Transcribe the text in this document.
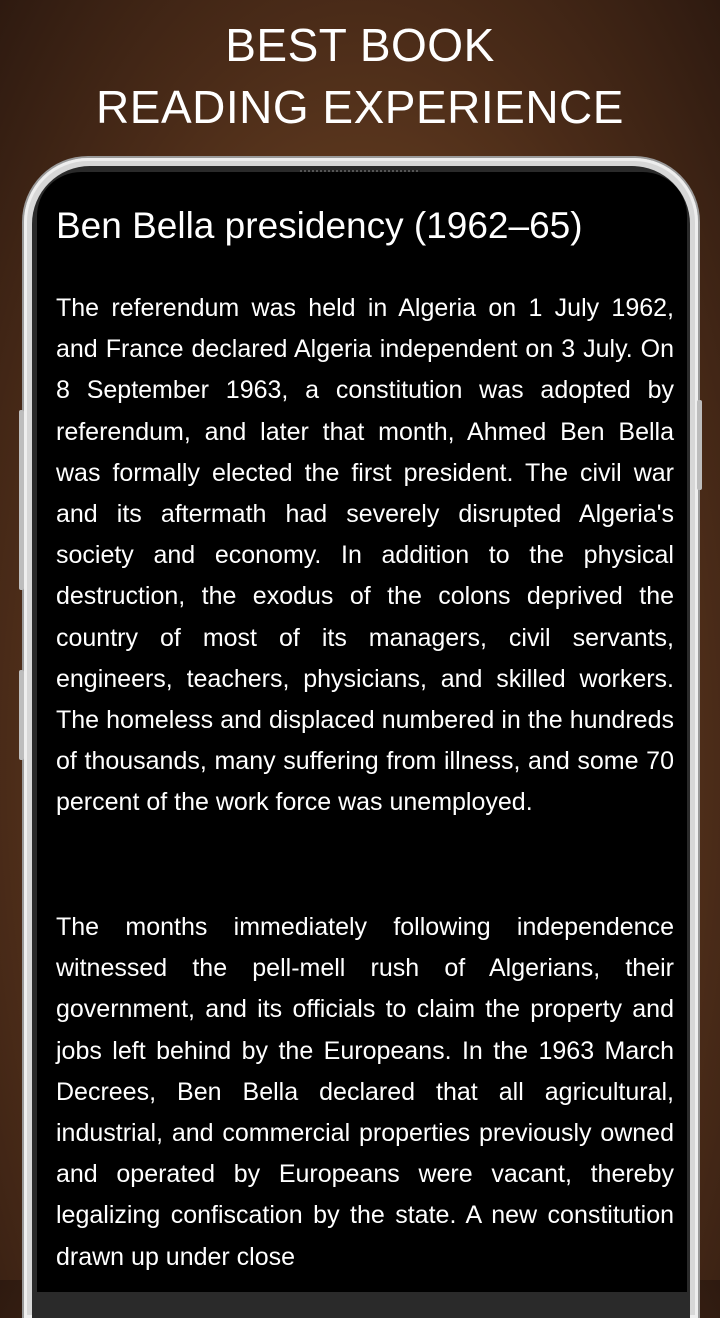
BEST BOOK
READING EXPERIENCE
Ben Bella presidency (1962–65)

The referendum was held in Algeria on 1 July 1962, and France declared Algeria independent on 3 July. On 8 September 1963, a constitution was adopted by referendum, and later that month, Ahmed Ben Bella was formally elected the first president. The civil war and its aftermath had severely disrupted Algeria's society and economy. In addition to the physical destruction, the exodus of the colons deprived the country of most of its managers, civil servants, engineers, teachers, physicians, and skilled workers. The homeless and displaced numbered in the hundreds of thousands, many suffering from illness, and some 70 percent of the work force was unemployed.

The months immediately following independence witnessed the pell-mell rush of Algerians, their government, and its officials to claim the property and jobs left behind by the Europeans. In the 1963 March Decrees, Ben Bella declared that all agricultural, industrial, and commercial properties previously owned and operated by Europeans were vacant, thereby legalizing confiscation by the state. A new constitution drawn up under close
